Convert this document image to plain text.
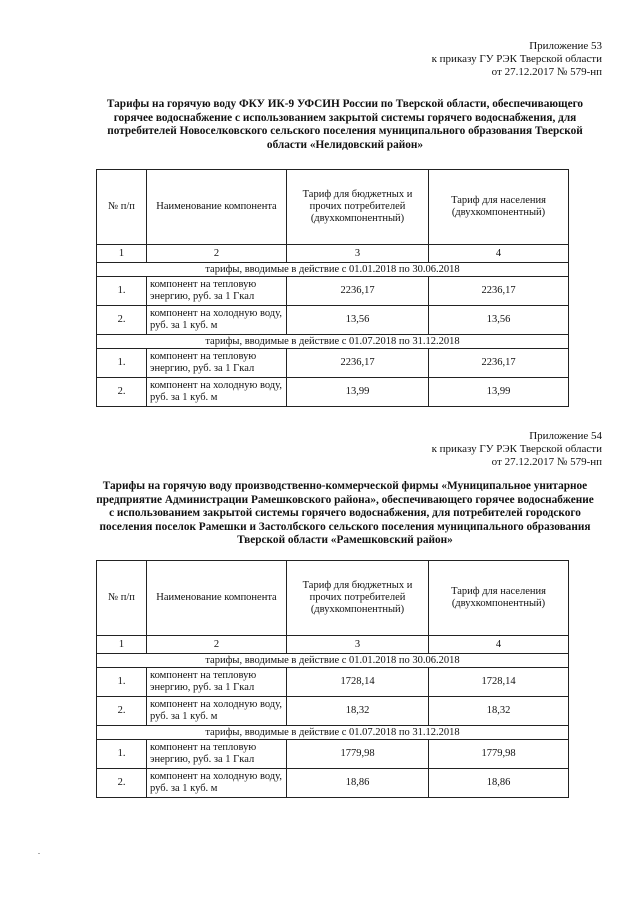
Приложение 53
к приказу ГУ РЭК Тверской области
от 27.12.2017 № 579-нп
Тарифы на горячую воду ФКУ ИК-9 УФСИН России по Тверской области, обеспечивающего горячее водоснабжение с использованием закрытой системы горячего водоснабжения, для потребителей Новоселковского сельского поселения муниципального образования Тверской области «Нелидовский район»
№ п/п	Наименование компонента	Тариф для бюджетных и прочих потребителей (двухкомпонентный)	Тариф для населения (двухкомпонентный)
1	2	3	4
тарифы, вводимые в действие с 01.01.2018 по 30.06.2018			
1.	компонент на тепловую энергию, руб. за 1 Гкал	2236,17	2236,17
2.	компонент на холодную воду, руб. за 1 куб. м	13,56	13,56
тарифы, вводимые в действие с 01.07.2018 по 31.12.2018			
1.	компонент на тепловую энергию, руб. за 1 Гкал	2236,17	2236,17
2.	компонент на холодную воду, руб. за 1 куб. м	13,99	13,99
Приложение 54
к приказу ГУ РЭК Тверской области
от 27.12.2017 № 579-нп
Тарифы на горячую воду производственно-коммерческой фирмы «Муниципальное унитарное предприятие Администрации Рамешковского района», обеспечивающего горячее водоснабжение с использованием закрытой системы горячего водоснабжения, для потребителей городского поселения поселок Рамешки и Застолбского сельского поселения муниципального образования Тверской области «Рамешковский район»
№ п/п	Наименование компонента	Тариф для бюджетных и прочих потребителей (двухкомпонентный)	Тариф для населения (двухкомпонентный)
1	2	3	4
тарифы, вводимые в действие с 01.01.2018 по 30.06.2018			
1.	компонент на тепловую энергию, руб. за 1 Гкал	1728,14	1728,14
2.	компонент на холодную воду, руб. за 1 куб. м	18,32	18,32
тарифы, вводимые в действие с 01.07.2018 по 31.12.2018			
1.	компонент на тепловую энергию, руб. за 1 Гкал	1779,98	1779,98
2.	компонент на холодную воду, руб. за 1 куб. м	18,86	18,86
